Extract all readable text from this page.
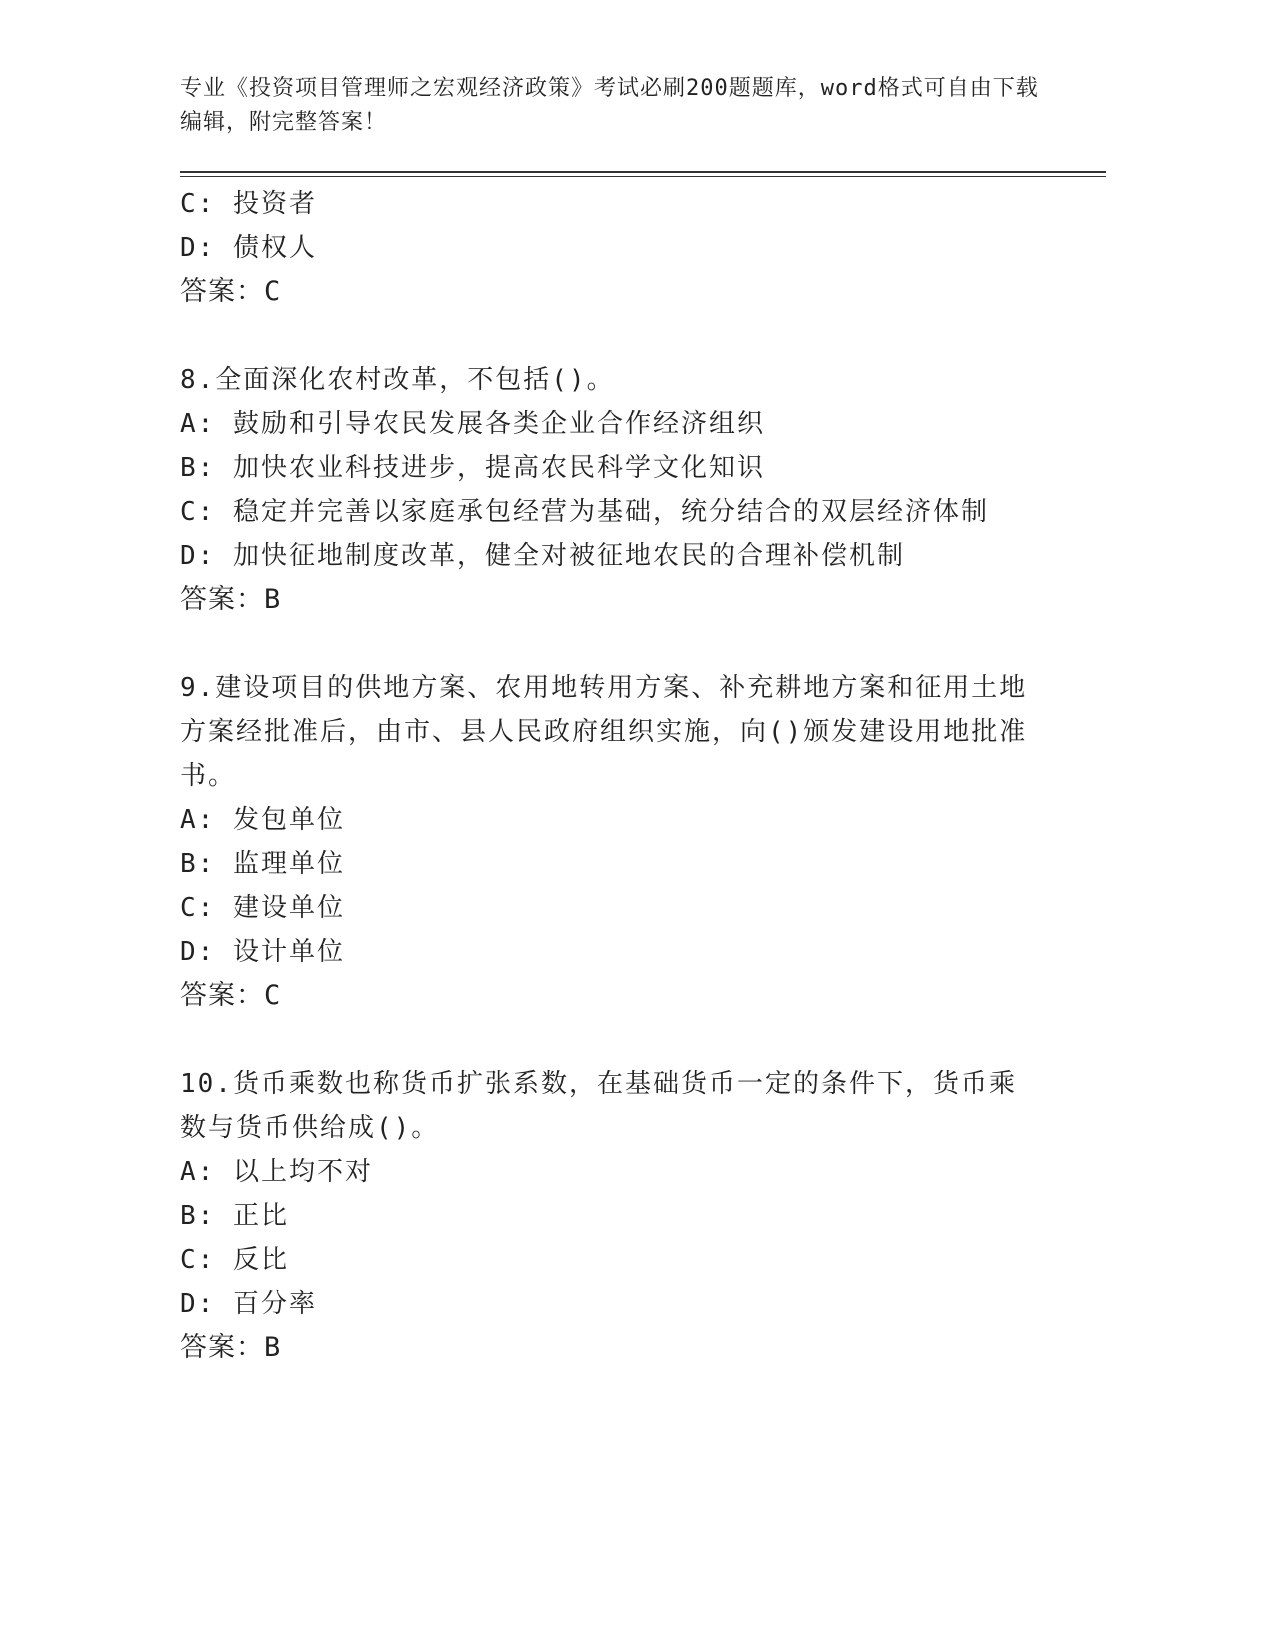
专业《投资项目管理师之宏观经济政策》考试必刷200题题库，word格式可自由下载编辑，附完整答案！
C: 投资者
D: 债权人
答案：C
8.全面深化农村改革，不包括()。
A: 鼓励和引导农民发展各类企业合作经济组织
B: 加快农业科技进步，提高农民科学文化知识
C: 稳定并完善以家庭承包经营为基础，统分结合的双层经济体制
D: 加快征地制度改革，健全对被征地农民的合理补偿机制
答案：B
9.建设项目的供地方案、农用地转用方案、补充耕地方案和征用土地方案经批准后，由市、县人民政府组织实施，向()颁发建设用地批准书。
A: 发包单位
B: 监理单位
C: 建设单位
D: 设计单位
答案：C
10.货币乘数也称货币扩张系数，在基础货币一定的条件下，货币乘数与货币供给成()。
A: 以上均不对
B: 正比
C: 反比
D: 百分率
答案：B
